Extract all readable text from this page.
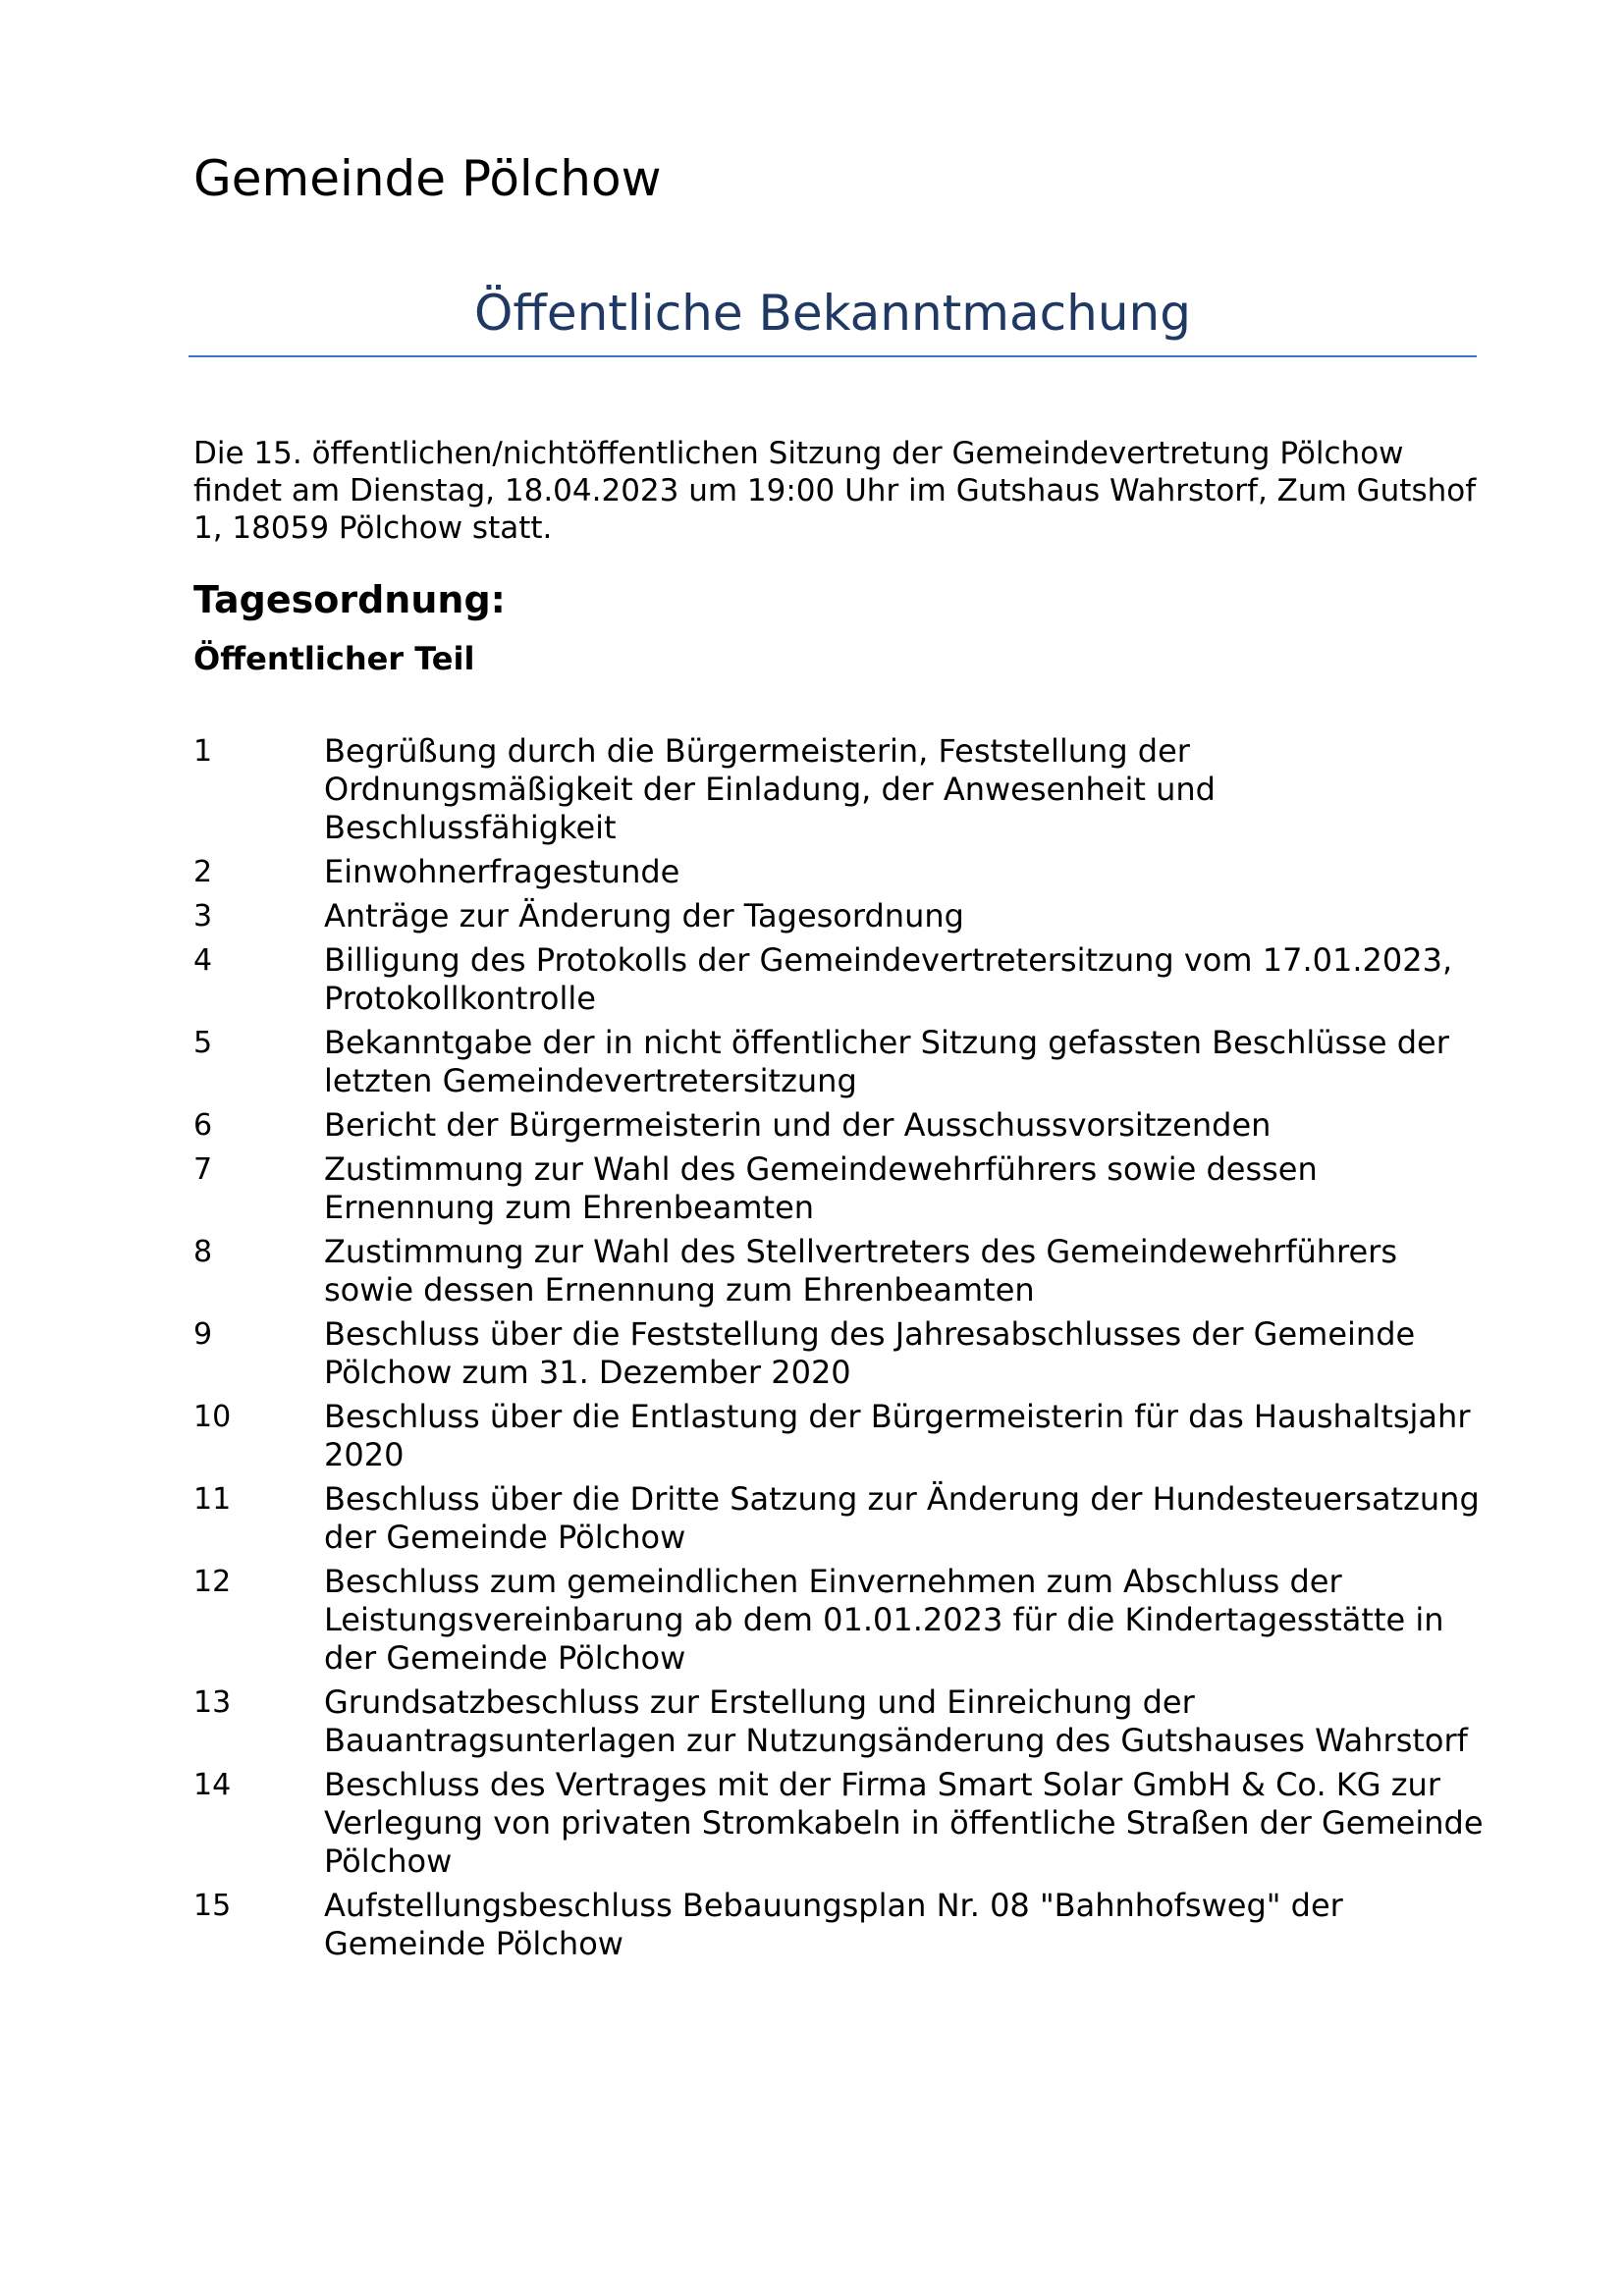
Gemeinde Pölchow
Öffentliche Bekanntmachung

Die 15. öffentlichen/nichtöffentlichen Sitzung der Gemeindevertretung Pölchow findet am Dienstag, 18.04.2023 um 19:00 Uhr im Gutshaus Wahrstorf, Zum Gutshof 1, 18059 Pölchow statt.

Tagesordnung:
Öffentlicher Teil
1	Begrüßung durch die Bürgermeisterin, Feststellung der Ordnungsmäßigkeit der Einladung, der Anwesenheit und Beschlussfähigkeit
2	Einwohnerfragestunde
3	Anträge zur Änderung der Tagesordnung
4	Billigung des Protokolls der Gemeindevertretersitzung vom 17.01.2023, Protokollkontrolle
5	Bekanntgabe der in nicht öffentlicher Sitzung gefassten Beschlüsse der letzten Gemeindevertretersitzung
6	Bericht der Bürgermeisterin und der Ausschussvorsitzenden
7	Zustimmung zur Wahl des Gemeindewehrführers sowie dessen Ernennung zum Ehrenbeamten
8	Zustimmung zur Wahl des Stellvertreters des Gemeindewehrführers sowie dessen Ernennung zum Ehrenbeamten
9	Beschluss über die Feststellung des Jahresabschlusses der Gemeinde Pölchow zum 31. Dezember 2020
10	Beschluss über die Entlastung der Bürgermeisterin für das Haushaltsjahr 2020
11	Beschluss über die Dritte Satzung zur Änderung der Hundesteuersatzung der Gemeinde Pölchow
12	Beschluss zum gemeindlichen Einvernehmen zum Abschluss der Leistungsvereinbarung ab dem 01.01.2023 für die Kindertagesstätte in der Gemeinde Pölchow
13	Grundsatzbeschluss zur Erstellung und Einreichung der Bauantragsunterlagen zur Nutzungsänderung des Gutshauses Wahrstorf
14	Beschluss des Vertrages mit der Firma Smart Solar GmbH & Co. KG zur Verlegung von privaten Stromkabeln in öffentliche Straßen der Gemeinde Pölchow
15	Aufstellungsbeschluss Bebauungsplan Nr. 08 "Bahnhofsweg" der Gemeinde Pölchow
